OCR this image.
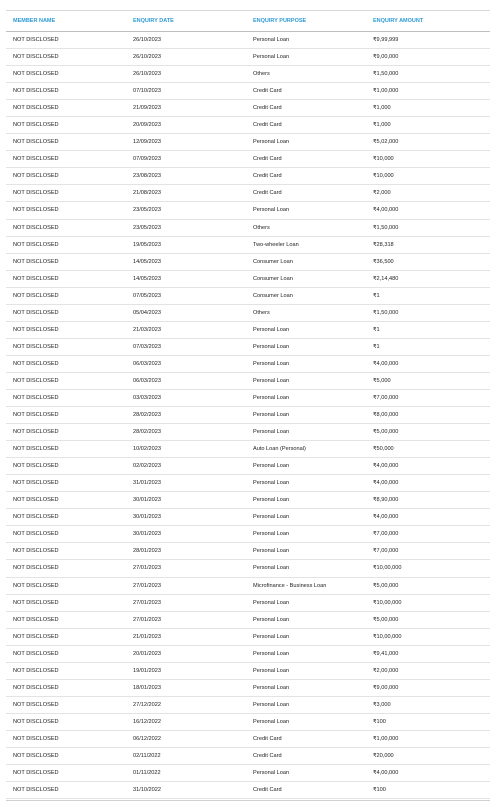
MEMBER NAME	ENQUIRY DATE	ENQUIRY PURPOSE	ENQUIRY AMOUNT
NOT DISCLOSED	26/10/2023	Personal Loan	₹9,99,999
NOT DISCLOSED	26/10/2023	Personal Loan	₹9,00,000
NOT DISCLOSED	26/10/2023	Others	₹1,50,000
NOT DISCLOSED	07/10/2023	Credit Card	₹1,00,000
NOT DISCLOSED	21/09/2023	Credit Card	₹1,000
NOT DISCLOSED	20/09/2023	Credit Card	₹1,000
NOT DISCLOSED	12/09/2023	Personal Loan	₹5,02,000
NOT DISCLOSED	07/09/2023	Credit Card	₹10,000
NOT DISCLOSED	23/08/2023	Credit Card	₹10,000
NOT DISCLOSED	21/08/2023	Credit Card	₹2,000
NOT DISCLOSED	23/05/2023	Personal Loan	₹4,00,000
NOT DISCLOSED	23/05/2023	Others	₹1,50,000
NOT DISCLOSED	19/05/2023	Two-wheeler Loan	₹28,318
NOT DISCLOSED	14/05/2023	Consumer Loan	₹36,500
NOT DISCLOSED	14/05/2023	Consumer Loan	₹2,14,480
NOT DISCLOSED	07/05/2023	Consumer Loan	₹1
NOT DISCLOSED	05/04/2023	Others	₹1,50,000
NOT DISCLOSED	21/03/2023	Personal Loan	₹1
NOT DISCLOSED	07/03/2023	Personal Loan	₹1
NOT DISCLOSED	06/03/2023	Personal Loan	₹4,00,000
NOT DISCLOSED	06/03/2023	Personal Loan	₹5,000
NOT DISCLOSED	03/03/2023	Personal Loan	₹7,00,000
NOT DISCLOSED	28/02/2023	Personal Loan	₹8,00,000
NOT DISCLOSED	28/02/2023	Personal Loan	₹5,00,000
NOT DISCLOSED	10/02/2023	Auto Loan (Personal)	₹50,000
NOT DISCLOSED	02/02/2023	Personal Loan	₹4,00,000
NOT DISCLOSED	31/01/2023	Personal Loan	₹4,00,000
NOT DISCLOSED	30/01/2023	Personal Loan	₹8,90,000
NOT DISCLOSED	30/01/2023	Personal Loan	₹4,00,000
NOT DISCLOSED	30/01/2023	Personal Loan	₹7,00,000
NOT DISCLOSED	28/01/2023	Personal Loan	₹7,00,000
NOT DISCLOSED	27/01/2023	Personal Loan	₹10,00,000
NOT DISCLOSED	27/01/2023	Microfinance - Business Loan	₹5,00,000
NOT DISCLOSED	27/01/2023	Personal Loan	₹10,00,000
NOT DISCLOSED	27/01/2023	Personal Loan	₹5,00,000
NOT DISCLOSED	21/01/2023	Personal Loan	₹10,00,000
NOT DISCLOSED	20/01/2023	Personal Loan	₹9,41,000
NOT DISCLOSED	19/01/2023	Personal Loan	₹2,00,000
NOT DISCLOSED	18/01/2023	Personal Loan	₹9,00,000
NOT DISCLOSED	27/12/2022	Personal Loan	₹3,000
NOT DISCLOSED	16/12/2022	Personal Loan	₹100
NOT DISCLOSED	06/12/2022	Credit Card	₹1,00,000
NOT DISCLOSED	02/11/2022	Credit Card	₹20,000
NOT DISCLOSED	01/11/2022	Personal Loan	₹4,00,000
NOT DISCLOSED	31/10/2022	Credit Card	₹100
